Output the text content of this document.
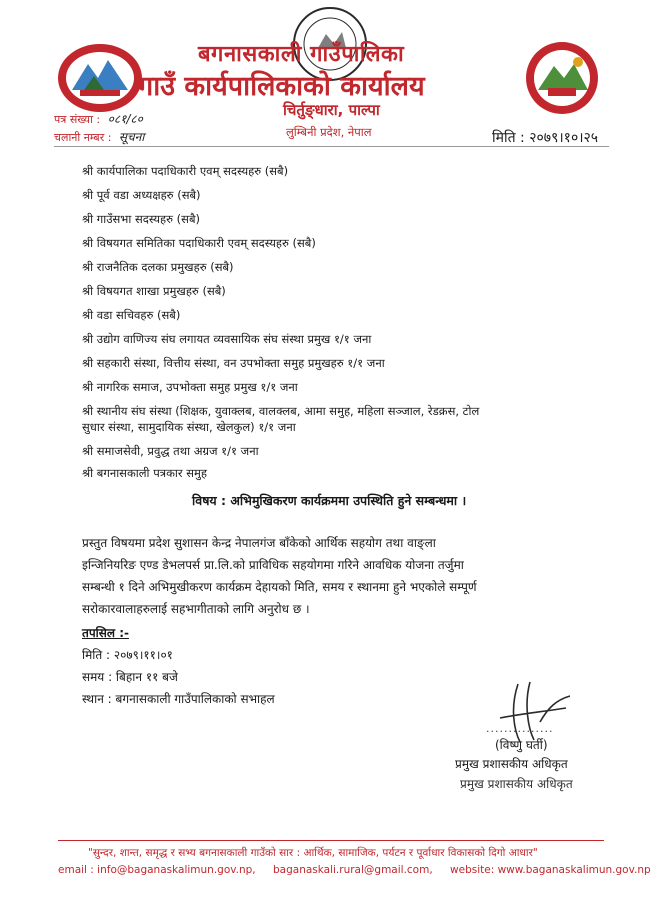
बगनासकाली गाउँपालिका
गाउँ कार्यपालिकाको कार्यालय
चिर्तुङ्धारा, पाल्पा
लुम्बिनी प्रदेश, नेपाल
पत्र संख्या : ०८१/८०
चलानी नम्बर : सूचना	मिति : २०७९।१०।२५
श्री कार्यपालिका पदाधिकारी एवम् सदस्यहरु (सबै)
श्री पूर्व वडा अध्यक्षहरु (सबै)
श्री गाउँसभा सदस्यहरु (सबै)
श्री विषयगत समितिका पदाधिकारी एवम् सदस्यहरु (सबै)
श्री राजनैतिक दलका प्रमुखहरु (सबै)
श्री विषयगत शाखा प्रमुखहरु (सबै)
श्री वडा सचिवहरु (सबै)
श्री उद्योग वाणिज्य संघ लगायत व्यवसायिक संघ संस्था प्रमुख १/१ जना
श्री सहकारी संस्था, वित्तीय संस्था, वन उपभोक्ता समुह प्रमुखहरु १/१ जना
श्री नागरिक समाज, उपभोक्ता समुह प्रमुख १/१ जना
श्री स्थानीय संघ संस्था (शिक्षक, युवाक्लब, वालक्लब, आमा समुह, महिला सञ्जाल, रेडक्रस, टोल
सुधार संस्था, सामुदायिक संस्था, खेलकुल) १/१ जना
श्री समाजसेवी, प्रवुद्ध तथा अग्रज १/१ जना
श्री बगनासकाली पत्रकार समुह
विषय : अभिमुखिकरण कार्यक्रममा उपस्थिति हुने सम्बन्धमा ।
प्रस्तुत विषयमा प्रदेश सुशासन केन्द्र नेपालगंज बाँकेको आर्थिक सहयोग तथा वाङ्ला
इन्जिनियरिङ एण्ड डेभलपर्स प्रा.लि.को प्राविधिक सहयोगमा गरिने आवधिक योजना तर्जुमा
सम्बन्धी १ दिने अभिमुखीकरण कार्यक्रम देहायको मिति, समय र स्थानमा हुने भएकोले सम्पूर्ण
सरोकारवालाहरुलाई सहभागीताको लागि अनुरोध छ ।
तपसिल :-
मिति : २०७९।११।०१
समय : बिहान ११ बजे
स्थान : बगनासकाली गाउँपालिकाको सभाहल
...............
(विष्णु घर्ती)
प्रमुख प्रशासकीय अधिकृत
प्रमुख प्रशासकीय अधिकृत
"सुन्दर, शान्त, समृद्ध र सभ्य बगनासकाली गाउँको सार : आर्थिक, सामाजिक, पर्यटन र पूर्वाधार विकासको दिगो आधार"
email : info@baganaskalimun.gov.np, baganaskali.rural@gmail.com, website: www.baganaskalimun.gov.np
